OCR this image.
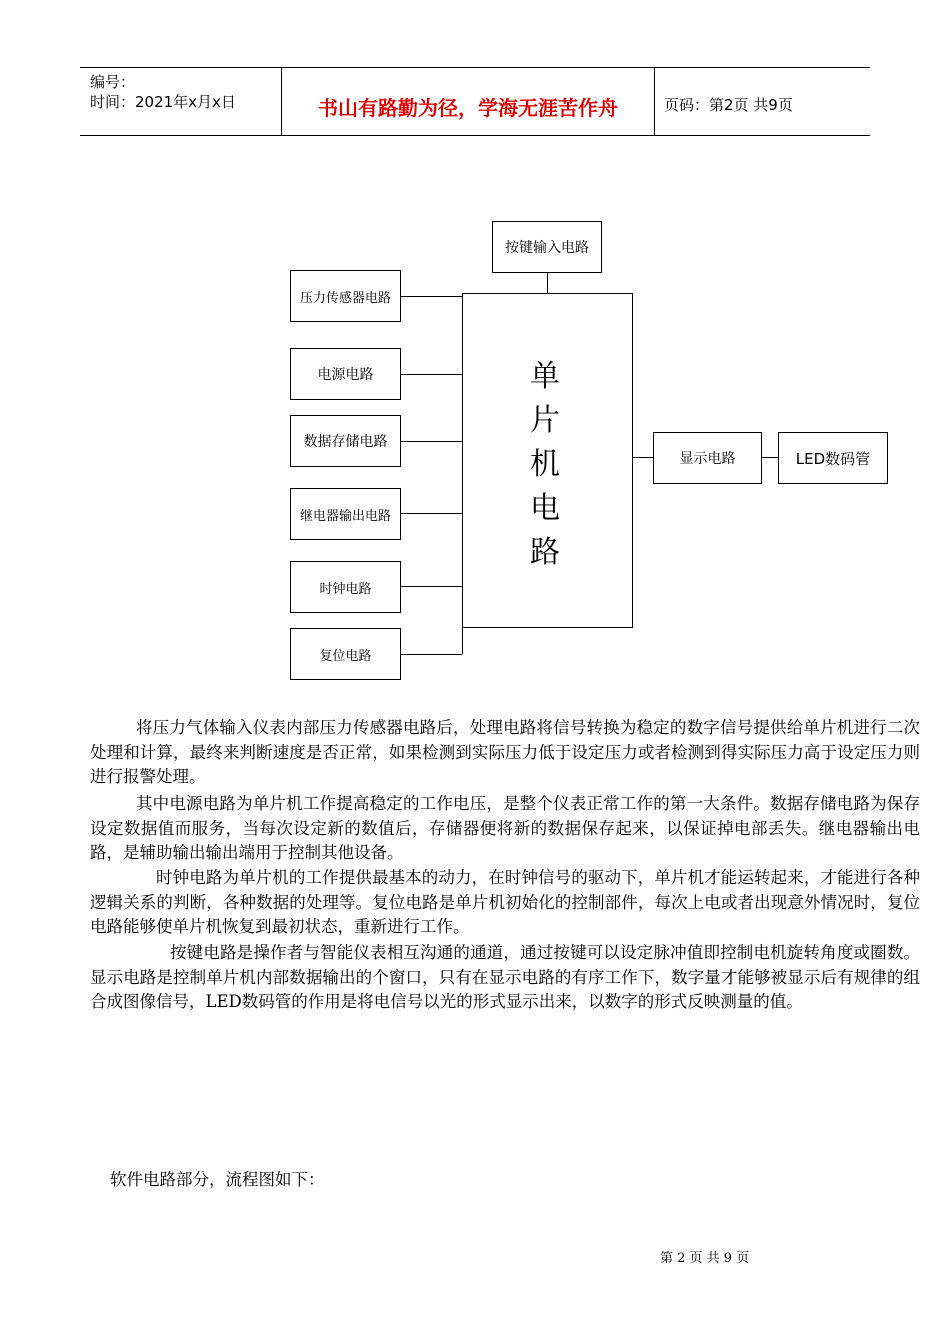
编号：
时间：2021年x月x日	书山有路勤为径，学海无涯苦作舟	页码：第2页 共9页
按键输入电路
压力传感器电路
电源电路
数据存储电路
继电器输出电路
时钟电路
复位电路
单
片
机
电
路
显示电路	LED数码管
将压力气体输入仪表内部压力传感器电路后，处理电路将信号转换为稳定的数字信号提供给单片机进行二次处理和计算，最终来判断速度是否正常，如果检测到实际压力低于设定压力或者检测到得实际压力高于设定压力则进行报警处理。
其中电源电路为单片机工作提高稳定的工作电压，是整个仪表正常工作的第一大条件。数据存储电路为保存设定数据值而服务，当每次设定新的数值后，存储器便将新的数据保存起来，以保证掉电部丢失。继电器输出电路，是辅助输出输出端用于控制其他设备。
时钟电路为单片机的工作提供最基本的动力，在时钟信号的驱动下，单片机才能运转起来，才能进行各种逻辑关系的判断，各种数据的处理等。复位电路是单片机初始化的控制部件，每次上电或者出现意外情况时，复位电路能够使单片机恢复到最初状态，重新进行工作。
按键电路是操作者与智能仪表相互沟通的通道，通过按键可以设定脉冲值即控制电机旋转角度或圈数。显示电路是控制单片机内部数据输出的个窗口，只有在显示电路的有序工作下，数字量才能够被显示后有规律的组合成图像信号，LED数码管的作用是将电信号以光的形式显示出来，以数字的形式反映测量的值。
软件电路部分，流程图如下：
第 2 页 共 9 页
